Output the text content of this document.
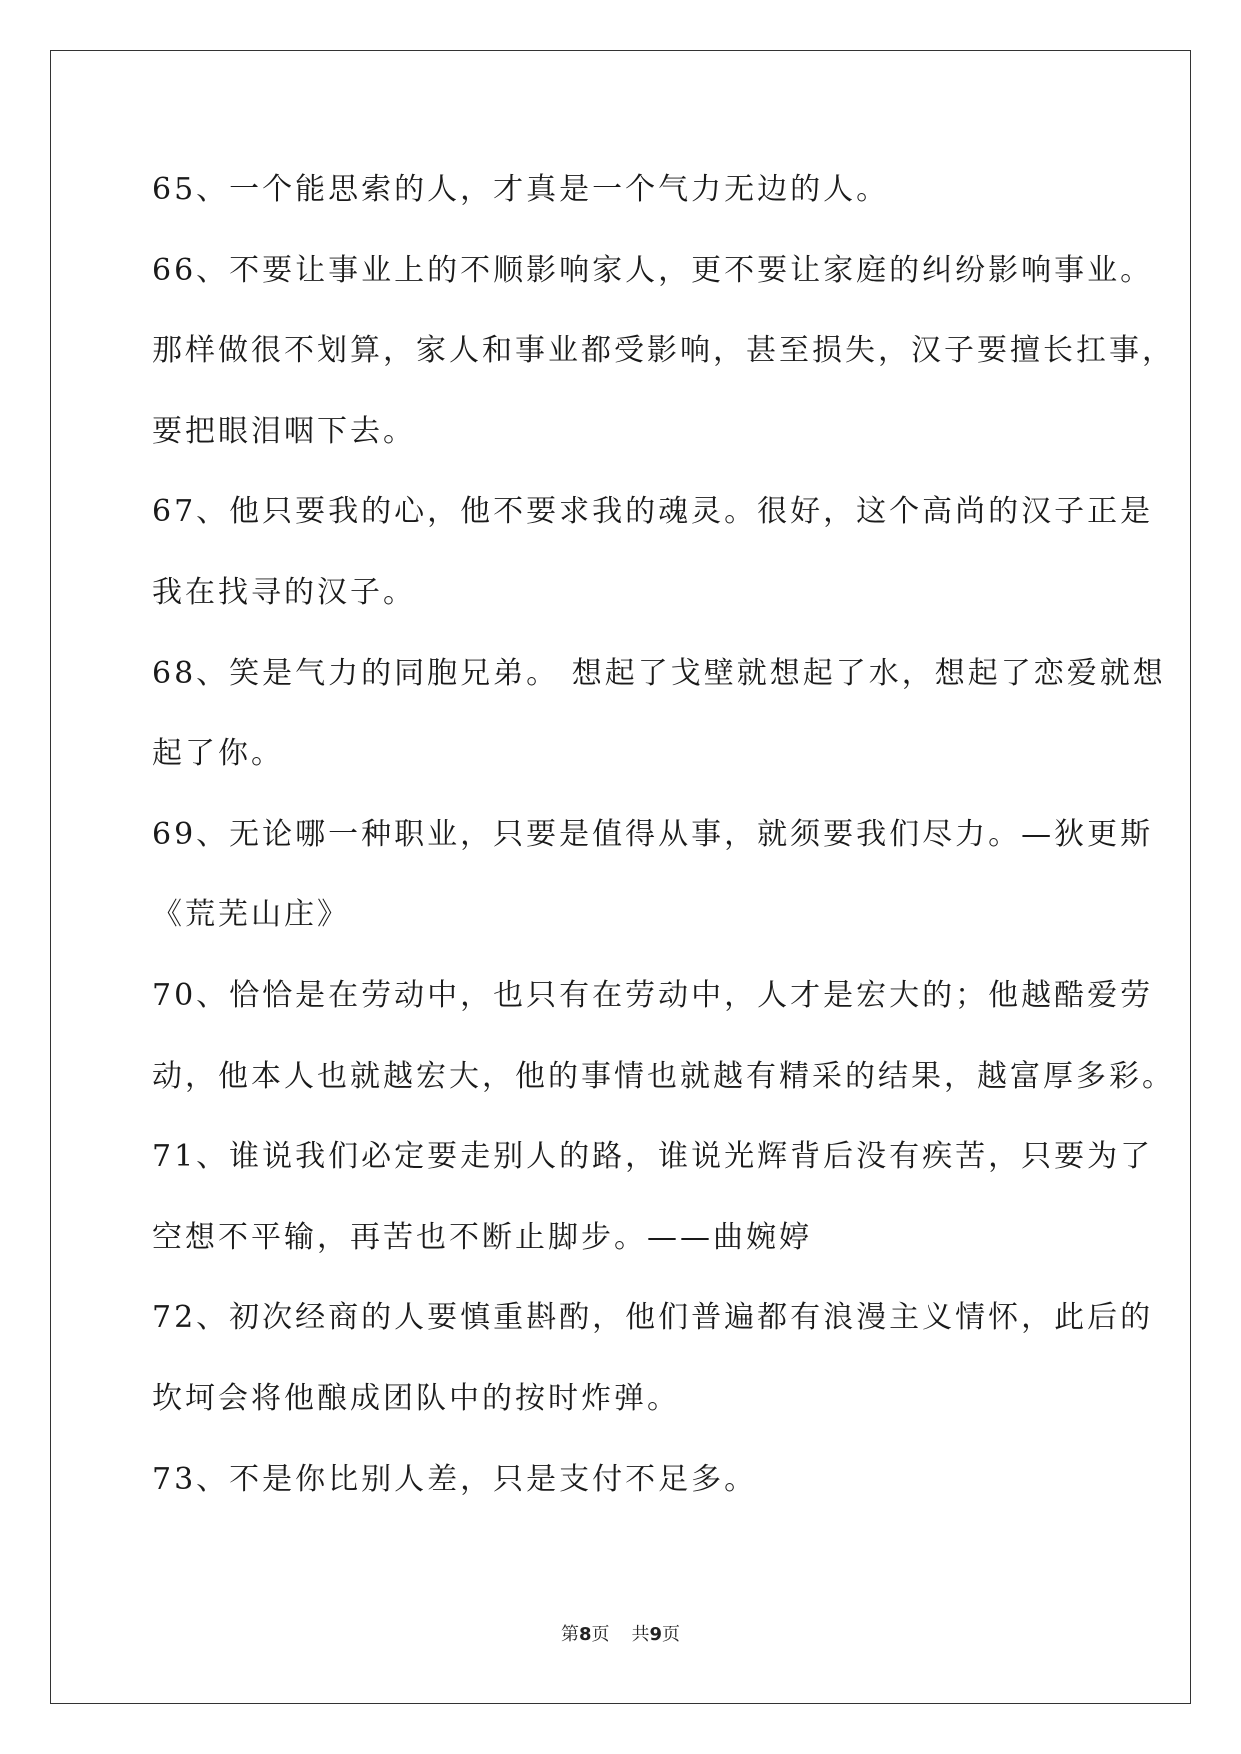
65、一个能思索的人，才真是一个气力无边的人。
66、不要让事业上的不顺影响家人，更不要让家庭的纠纷影响事业。
那样做很不划算，家人和事业都受影响，甚至损失，汉子要擅长扛事，
要把眼泪咽下去。
67、他只要我的心，他不要求我的魂灵。很好，这个高尚的汉子正是
我在找寻的汉子。
68、笑是气力的同胞兄弟。 想起了戈壁就想起了水，想起了恋爱就想
起了你。
69、无论哪一种职业，只要是值得从事，就须要我们尽力。—狄更斯
《荒芜山庄》
70、恰恰是在劳动中，也只有在劳动中，人才是宏大的；他越酷爱劳
动，他本人也就越宏大，他的事情也就越有精采的结果，越富厚多彩。
71、谁说我们必定要走别人的路，谁说光辉背后没有疾苦，只要为了
空想不平输，再苦也不断止脚步。——曲婉婷
72、初次经商的人要慎重斟酌，他们普遍都有浪漫主义情怀，此后的
坎坷会将他酿成团队中的按时炸弹。
73、不是你比别人差，只是支付不足多。
第8页 共9页
